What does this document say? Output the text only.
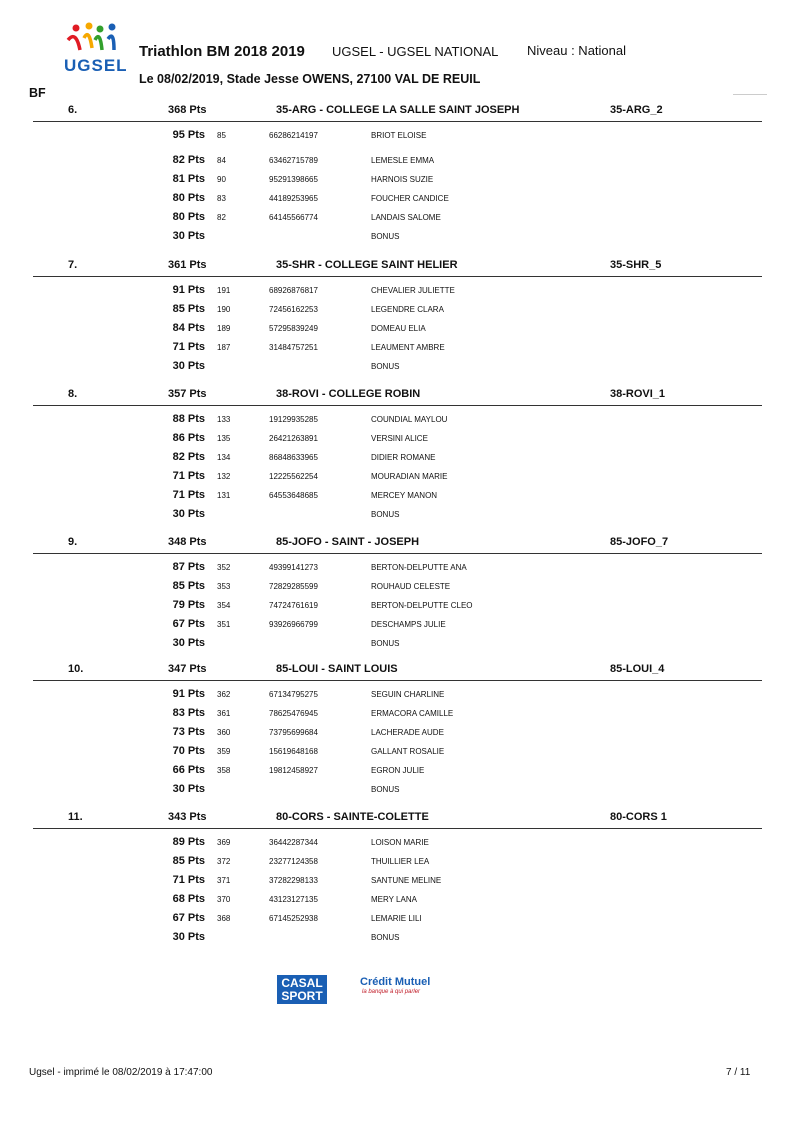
UGSEL
Triathlon BM 2018 2019 UGSEL - UGSEL NATIONAL Niveau : National
Le 08/02/2019, Stade Jesse OWENS, 27100 VAL DE REUIL
BF
6.	368 Pts	35-ARG - COLLEGE LA SALLE SAINT JOSEPH	35-ARG_2
95 Pts 85	66286214197	BRIOT ELOISE
82 Pts 84	63462715789	LEMESLE EMMA
81 Pts 90	95291398665	HARNOIS SUZIE
80 Pts 83	44189253965	FOUCHER CANDICE
80 Pts 82	64145566774	LANDAIS SALOME
30 Pts	BONUS
7.	361 Pts	35-SHR - COLLEGE SAINT HELIER	35-SHR_5
91 Pts 191	68926876817	CHEVALIER JULIETTE
85 Pts 190	72456162253	LEGENDRE CLARA
84 Pts 189	57295839249	DOMEAU ELIA
71 Pts 187	31484757251	LEAUMENT AMBRE
30 Pts	BONUS
8.	357 Pts	38-ROVI - COLLEGE ROBIN	38-ROVI_1
88 Pts 133	19129935285	COUNDIAL MAYLOU
86 Pts 135	26421263891	VERSINI ALICE
82 Pts 134	86848633965	DIDIER ROMANE
71 Pts 132	12225562254	MOURADIAN MARIE
71 Pts 131	64553648685	MERCEY MANON
30 Pts	BONUS
9.	348 Pts	85-JOFO - SAINT - JOSEPH	85-JOFO_7
87 Pts 352	49399141273	BERTON-DELPUTTE ANA
85 Pts 353	72829285599	ROUHAUD CELESTE
79 Pts 354	74724761619	BERTON-DELPUTTE CLEO
67 Pts 351	93926966799	DESCHAMPS JULIE
30 Pts	BONUS
10.	347 Pts	85-LOUI - SAINT LOUIS	85-LOUI_4
91 Pts 362	67134795275	SEGUIN CHARLINE
83 Pts 361	78625476945	ERMACORA CAMILLE
73 Pts 360	73795699684	LACHERADE AUDE
70 Pts 359	15619648168	GALLANT ROSALIE
66 Pts 358	19812458927	EGRON JULIE
30 Pts	BONUS
11.	343 Pts	80-CORS - SAINTE-COLETTE	80-CORS 1
89 Pts 369	36442287344	LOISON MARIE
85 Pts 372	23277124358	THUILLIER LEA
71 Pts 371	37282298133	SANTUNE MELINE
68 Pts 370	43123127135	MERY LANA
67 Pts 368	67145252938	LEMARIE LILI
30 Pts	BONUS
CASAL
SPORT
Crédit Mutuel
la banque à qui parler
Ugsel - imprimé le 08/02/2019 à 17:47:00	7 / 11
